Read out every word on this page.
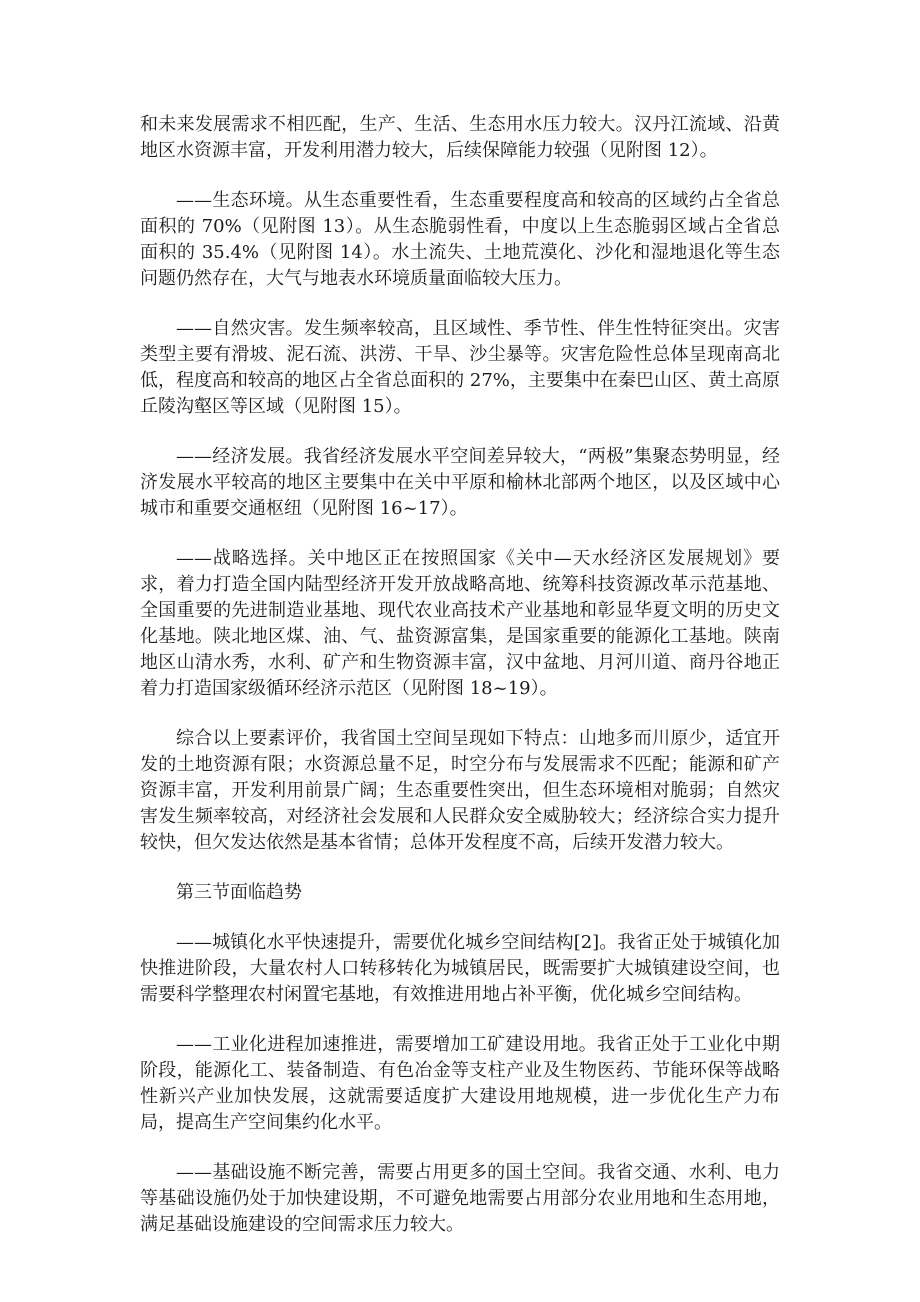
和未来发展需求不相匹配，生产、生活、生态用水压力较大。汉丹江流域、沿黄地区水资源丰富，开发利用潜力较大，后续保障能力较强（见附图 12）。

——生态环境。从生态重要性看，生态重要程度高和较高的区域约占全省总面积的 70%（见附图 13）。从生态脆弱性看，中度以上生态脆弱区域占全省总面积的 35.4%（见附图 14）。水土流失、土地荒漠化、沙化和湿地退化等生态问题仍然存在，大气与地表水环境质量面临较大压力。

——自然灾害。发生频率较高，且区域性、季节性、伴生性特征突出。灾害类型主要有滑坡、泥石流、洪涝、干旱、沙尘暴等。灾害危险性总体呈现南高北低，程度高和较高的地区占全省总面积的 27%，主要集中在秦巴山区、黄土高原丘陵沟壑区等区域（见附图 15）。

——经济发展。我省经济发展水平空间差异较大，“两极”集聚态势明显，经济发展水平较高的地区主要集中在关中平原和榆林北部两个地区，以及区域中心城市和重要交通枢纽（见附图 16~17）。

——战略选择。关中地区正在按照国家《关中—天水经济区发展规划》要求，着力打造全国内陆型经济开发开放战略高地、统筹科技资源改革示范基地、全国重要的先进制造业基地、现代农业高技术产业基地和彰显华夏文明的历史文化基地。陕北地区煤、油、气、盐资源富集，是国家重要的能源化工基地。陕南地区山清水秀，水利、矿产和生物资源丰富，汉中盆地、月河川道、商丹谷地正着力打造国家级循环经济示范区（见附图 18~19）。

综合以上要素评价，我省国土空间呈现如下特点：山地多而川原少，适宜开发的土地资源有限；水资源总量不足，时空分布与发展需求不匹配；能源和矿产资源丰富，开发利用前景广阔；生态重要性突出，但生态环境相对脆弱；自然灾害发生频率较高，对经济社会发展和人民群众安全威胁较大；经济综合实力提升较快，但欠发达依然是基本省情；总体开发程度不高，后续开发潜力较大。

第三节面临趋势

——城镇化水平快速提升，需要优化城乡空间结构[2]。我省正处于城镇化加快推进阶段，大量农村人口转移转化为城镇居民，既需要扩大城镇建设空间，也需要科学整理农村闲置宅基地，有效推进用地占补平衡，优化城乡空间结构。

——工业化进程加速推进，需要增加工矿建设用地。我省正处于工业化中期阶段，能源化工、装备制造、有色冶金等支柱产业及生物医药、节能环保等战略性新兴产业加快发展，这就需要适度扩大建设用地规模，进一步优化生产力布局，提高生产空间集约化水平。

——基础设施不断完善，需要占用更多的国土空间。我省交通、水利、电力等基础设施仍处于加快建设期，不可避免地需要占用部分农业用地和生态用地，满足基础设施建设的空间需求压力较大。
